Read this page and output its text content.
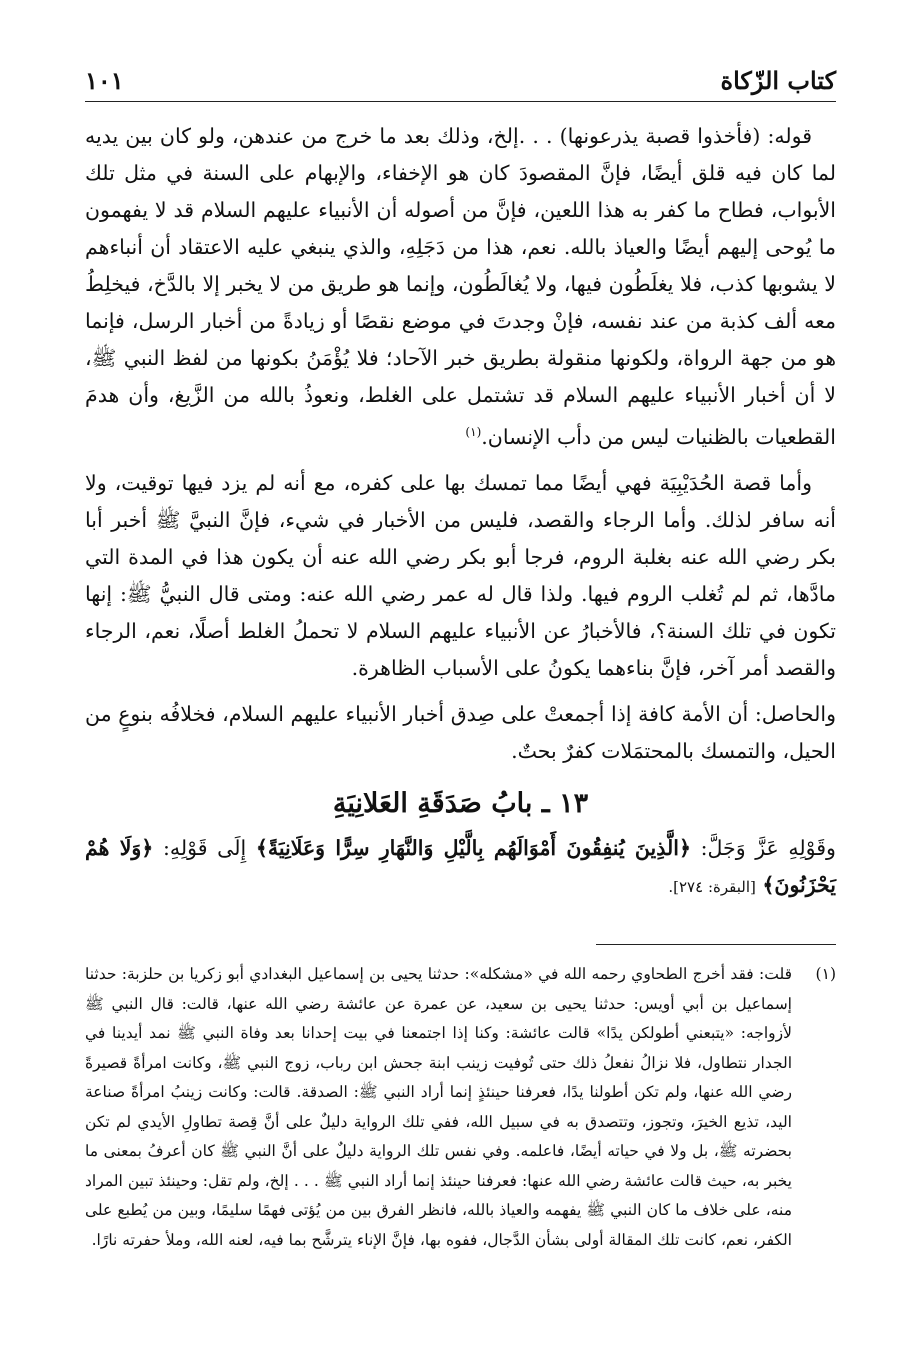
كتاب الزّكاة
١٠١

قوله: (فأخذوا قصبة يذرعونها) . . .إلخ، وذلك بعد ما خرج من عندهن، ولو كان بين يديه لما كان فيه قلق أيضًا، فإنَّ المقصودَ كان هو الإخفاء، والإبهام على السنة في مثل تلك الأبواب، فطاح ما كفر به هذا اللعين، فإنَّ من أصوله أن الأنبياء عليهم السلام قد لا يفهمون ما يُوحى إليهم أيضًا والعياذ بالله. نعم، هذا من دَجَلِهِ، والذي ينبغي عليه الاعتقاد أن أنباءهم لا يشوبها كذب، فلا يغلَطُون فيها، ولا يُغالَطُون، وإنما هو طريق من لا يخبر إلا بالدَّخ، فيخلِطُ معه ألف كذبة من عند نفسه، فإنْ وجدتَ في موضع نقصًا أو زيادةً من أخبار الرسل، فإنما هو من جهة الرواة، ولكونها منقولة بطريق خبر الآحاد؛ فلا يُؤْمَنُ بكونها من لفظ النبي ﷺ، لا أن أخبار الأنبياء عليهم السلام قد تشتمل على الغلط، ونعوذُ بالله من الزَّيغ، وأن هدمَ القطعيات بالظنيات ليس من دأب الإنسان.$^{(١)}$

وأما قصة الحُدَيْبِيَة فهي أيضًا مما تمسك بها على كفره، مع أنه لم يزد فيها توقيت، ولا أنه سافر لذلك. وأما الرجاء والقصد، فليس من الأخبار في شيء، فإنَّ النبيَّ ﷺ أخبر أبا بكر رضي الله عنه بغلبة الروم، فرجا أبو بكر رضي الله عنه أن يكون هذا في المدة التي مادَّها، ثم لم تُغلب الروم فيها. ولذا قال له عمر رضي الله عنه: ومتى قال النبيُّ ﷺ: إنها تكون في تلك السنة؟، فالأخبارُ عن الأنبياء عليهم السلام لا تحملُ الغلط أصلًا، نعم، الرجاء والقصد أمر آخر، فإنَّ بناءهما يكونُ على الأسباب الظاهرة.

والحاصل: أن الأمة كافة إذا أجمعتْ على صِدق أخبار الأنبياء عليهم السلام، فخلافُه بنوعٍ من الحيل، والتمسك بالمحتمَلات كفرٌ بحتٌ.

١٣ ـ بابُ صَدَقَةِ العَلانِيَةِ
وقَوْلِهِ عَزَّ وَجَلَّ: ﴿الَّذِينَ يُنفِقُونَ أَمْوَالَهُم بِالَّيْلِ وَالنَّهَارِ سِرًّا وَعَلَانِيَةً﴾ إِلَى قَوْلِهِ: ﴿وَلَا هُمْ يَحْزَنُونَ﴾ [البقرة: ٢٧٤].
(١)
قلت: فقد أخرج الطحاوي رحمه الله في «مشكله»: حدثنا يحيى بن إسماعيل البغدادي أبو زكريا بن حلزبة: حدثنا إسماعيل بن أبي أويس: حدثنا يحيى بن سعيد، عن عمرة عن عائشة رضي الله عنها، قالت: قال النبي ﷺ لأزواجه: «يتبعني أطولكن يدًا» قالت عائشة: وكنا إذا اجتمعنا في بيت إحدانا بعد وفاة النبي ﷺ نمد أيدينا في الجدار نتطاول، فلا نزالُ نفعلُ ذلك حتى تُوفيت زينب ابنة جحش ابن رباب، زوج النبي ﷺ، وكانت امرأةً قصيرةً رضي الله عنها، ولم تكن أطولنا يدًا، فعرفنا حينئذٍ إنما أراد النبي ﷺ: الصدقة. قالت: وكانت زينبُ امرأةً صناعة اليد، تذيع الخيرَ، وتجوز، وتتصدق به في سبيل الله، ففي تلك الرواية دليلٌ على أنَّ قِصة تطاولِ الأيدي لم تكن بحضرته ﷺ، بل ولا في حياته أيضًا، فاعلمه. وفي نفس تلك الرواية دليلٌ على أنَّ النبي ﷺ كان أعرفُ بمعنى ما يخبر به، حيث قالت عائشة رضي الله عنها: فعرفنا حينئذ إنما أراد النبي ﷺ . . . إلخ، ولم تقل: وحينئذ تبين المراد منه، على خلاف ما كان النبي ﷺ يفهمه والعياذ بالله، فانظر الفرق بين من يُؤتى فهمًا سليمًا، وبين من يُطبع على الكفر، نعم، كانت تلك المقالة أولى بشأن الدَّجال، ففوه بها، فإنَّ الإناء يترشَّح بما فيه، لعنه الله، وملأ حفرته نارًا.
